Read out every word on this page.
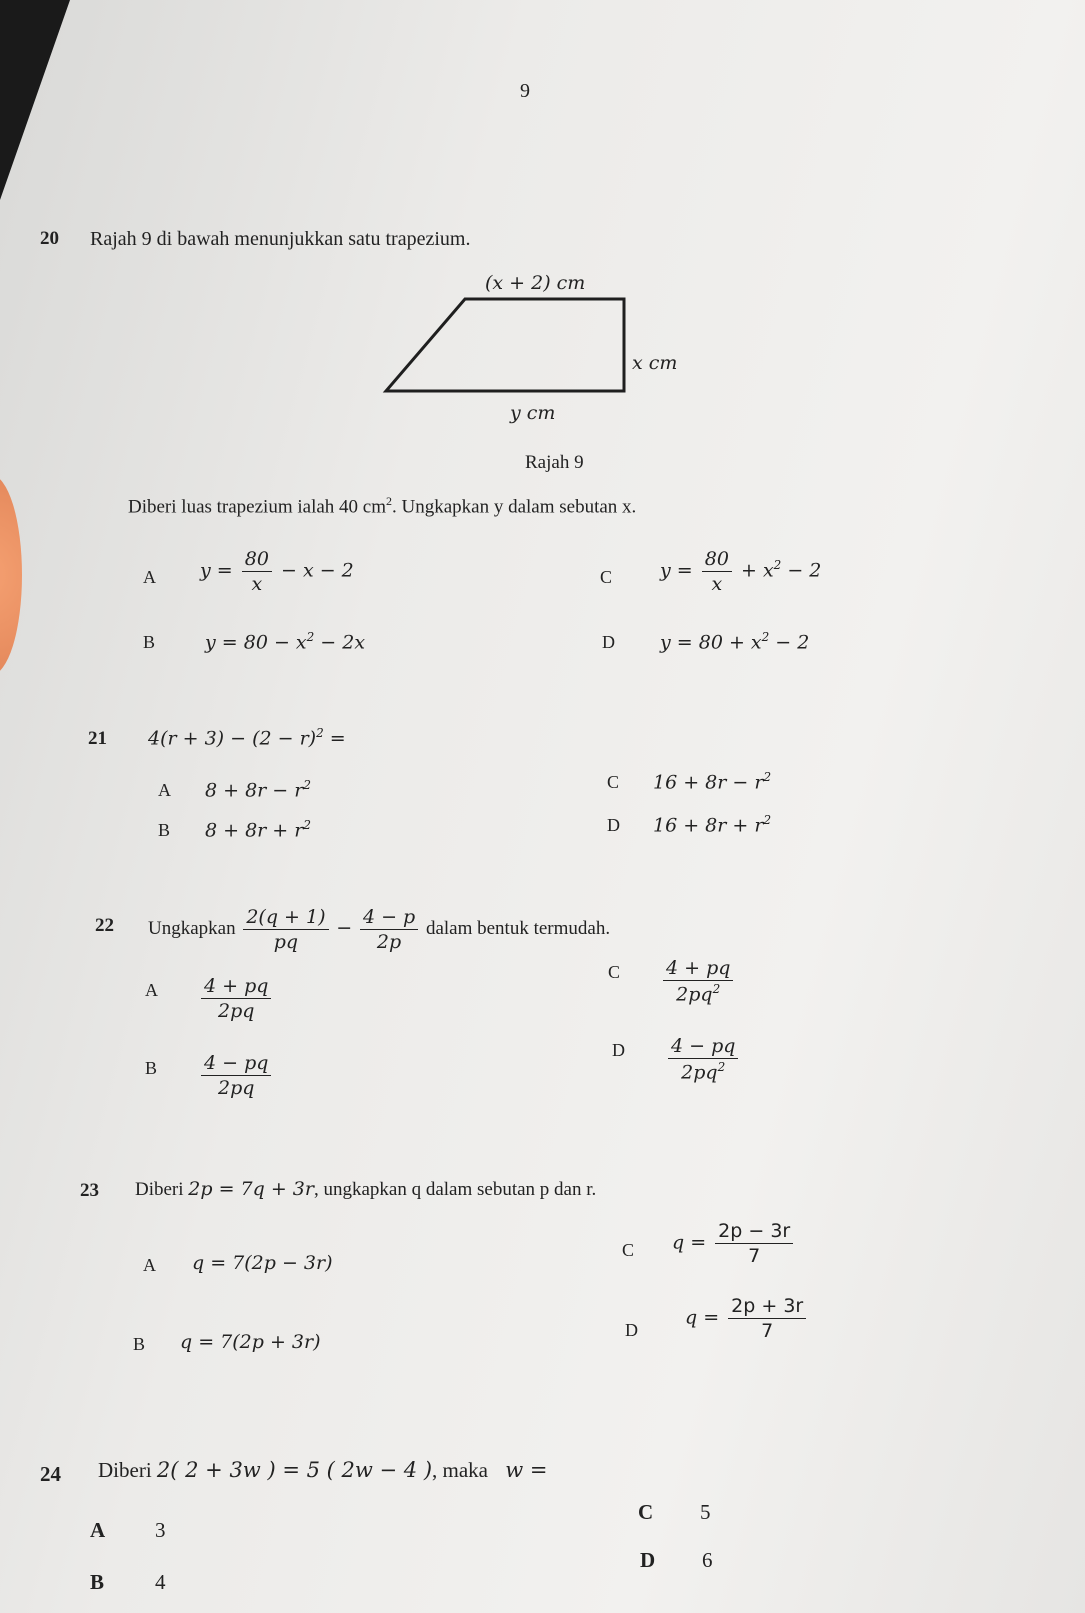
9
20 Rajah 9 di bawah menunjukkan satu trapezium.
(x + 2) cm
x cm
y cm
Rajah 9
Diberi luas trapezium ialah 40 $cm^2$. Ungkapkan y dalam sebutan x.
A $y = \frac{80}{x} - x - 2$	C	$y = \frac{80}{x} + x^2 - 2$
B	$y = 80 - x^2 - 2x$	D $y = 80 + x^2 - 2$
21 $4(r + 3) - (2 - r)^2$ =
A $8 + 8r - r^2$	C $16 + 8r - r^2$
B $8 + 8r + r^2$	D $16 + 8r + r^2$
22 Ungkapkan $\frac{2(q + 1)}{pq} - \frac{4 - p}{2p}$ dalam bentuk termudah.
A $\frac{4 + pq}{2pq}$
C $\frac{4 + pq}{2pq^2}$
B $\frac{4 - pq}{2pq}$
D $\frac{4 - pq}{2pq^2}$
23 Diberi 2p = 7q + 3r, ungkapkan q dalam sebutan p dan r.
A q = 7(2p − 3r)
C $q = \frac{2p - 3r}{7}$
B q = 7(2p + 3r)
D
$q = \frac{2p + 3r}{7}$
24 Diberi 2( 2 + 3w ) = 5 ( 2w − 4 ), maka w =
A 3
C 5
B 4
D 6
